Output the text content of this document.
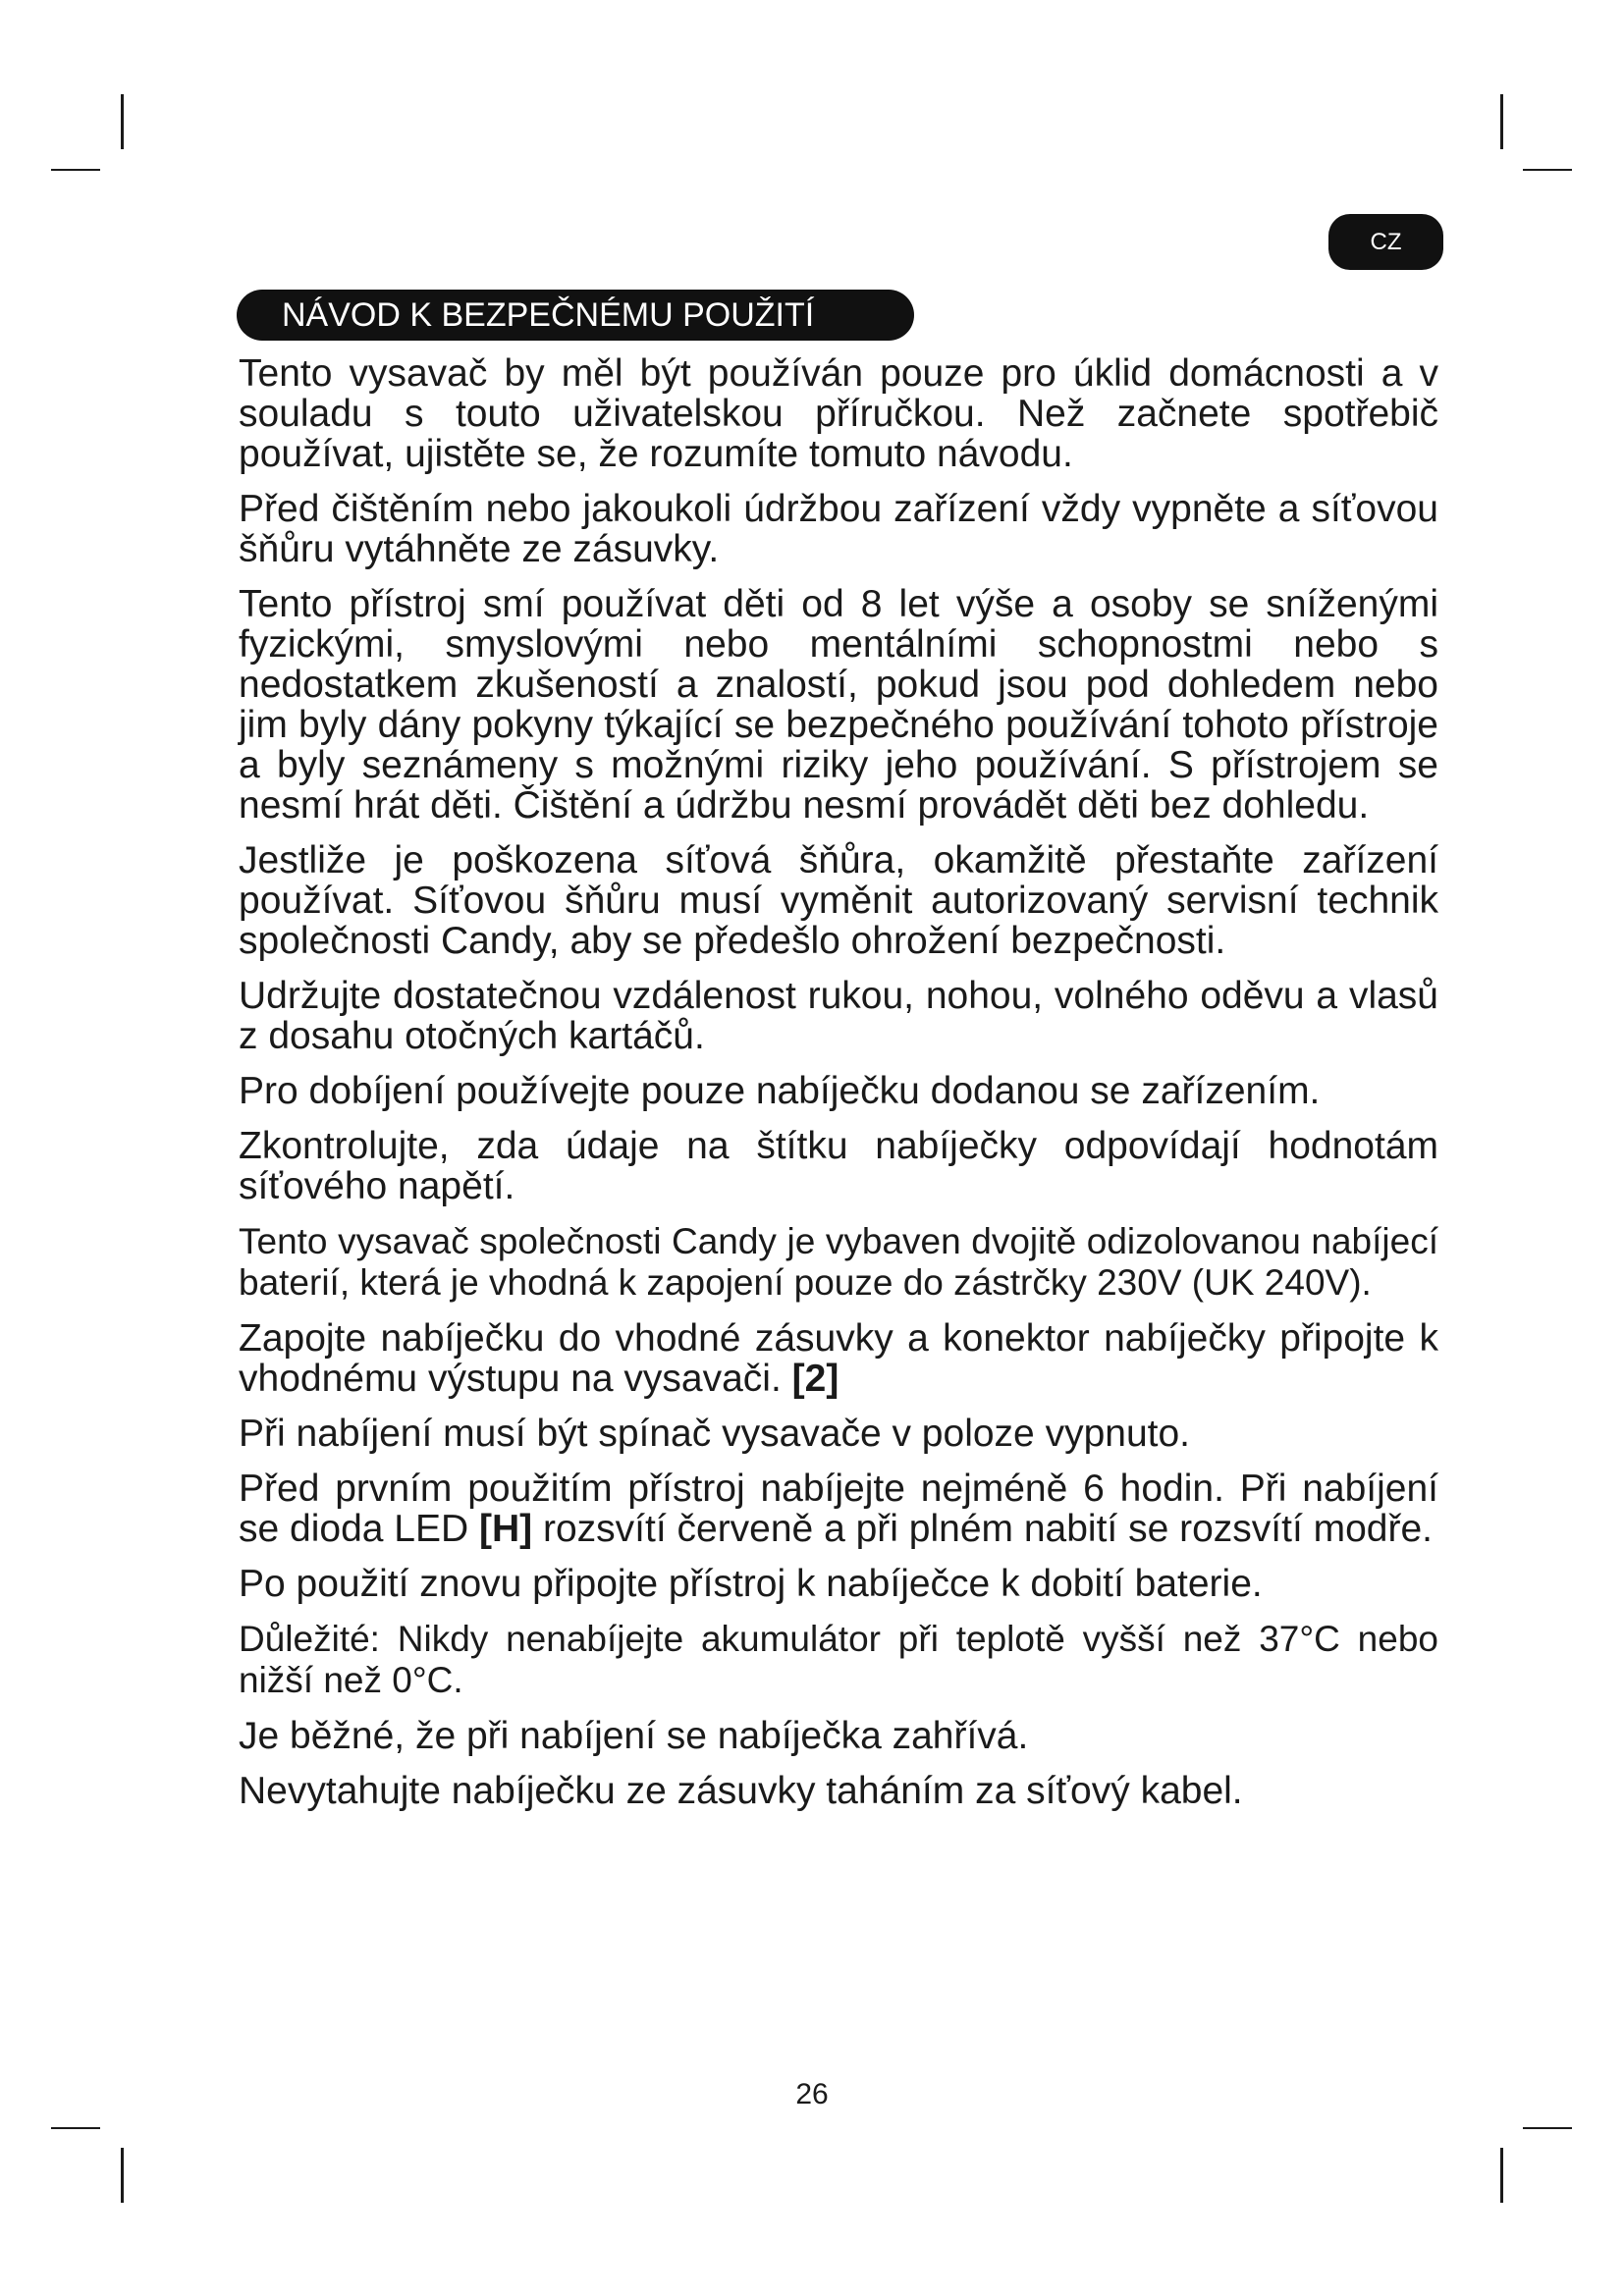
CZ
NÁVOD K BEZPEČNÉMU POUŽITÍ

Tento vysavač by měl být používán pouze pro úklid domácnosti a v souladu s touto uživatelskou příručkou. Než začnete spotřebič používat, ujistěte se, že rozumíte tomuto návodu.

Před čištěním nebo jakoukoli údržbou zařízení vždy vypněte a síťovou šňůru vytáhněte ze zásuvky.

Tento přístroj smí používat děti od 8 let výše a osoby se sníženými fyzickými, smyslovými nebo mentálními schopnostmi nebo s nedostatkem zkušeností a znalostí, pokud jsou pod dohledem nebo jim byly dány pokyny týkající se bezpečného používání tohoto přístroje a byly seznámeny s možnými riziky jeho používání. S přístrojem se nesmí hrát děti. Čištění a údržbu nesmí provádět děti bez dohledu.

Jestliže je poškozena síťová šňůra, okamžitě přestaňte zařízení používat. Síťovou šňůru musí vyměnit autorizovaný servisní technik společnosti Candy, aby se předešlo ohrožení bezpečnosti.

Udržujte dostatečnou vzdálenost rukou, nohou, volného oděvu a vlasů z dosahu otočných kartáčů.

Pro dobíjení používejte pouze nabíječku dodanou se zařízením.

Zkontrolujte, zda údaje na štítku nabíječky odpovídají hodnotám síťového napětí.

Tento vysavač společnosti Candy je vybaven dvojitě odizolovanou nabíjecí baterií, která je vhodná k zapojení pouze do zástrčky 230V (UK 240V).

Zapojte nabíječku do vhodné zásuvky a konektor nabíječky připojte k vhodnému výstupu na vysavači. [2]

Při nabíjení musí být spínač vysavače v poloze vypnuto.

Před prvním použitím přístroj nabíjejte nejméně 6 hodin. Při nabíjení se dioda LED [H] rozsvítí červeně a při plném nabití se rozsvítí modře.

Po použití znovu připojte přístroj k nabíječce k dobití baterie.

Důležité: Nikdy nenabíjejte akumulátor při teplotě vyšší než 37°C nebo nižší než 0°C.

Je běžné, že při nabíjení se nabíječka zahřívá.

Nevytahujte nabíječku ze zásuvky taháním za síťový kabel.

26
